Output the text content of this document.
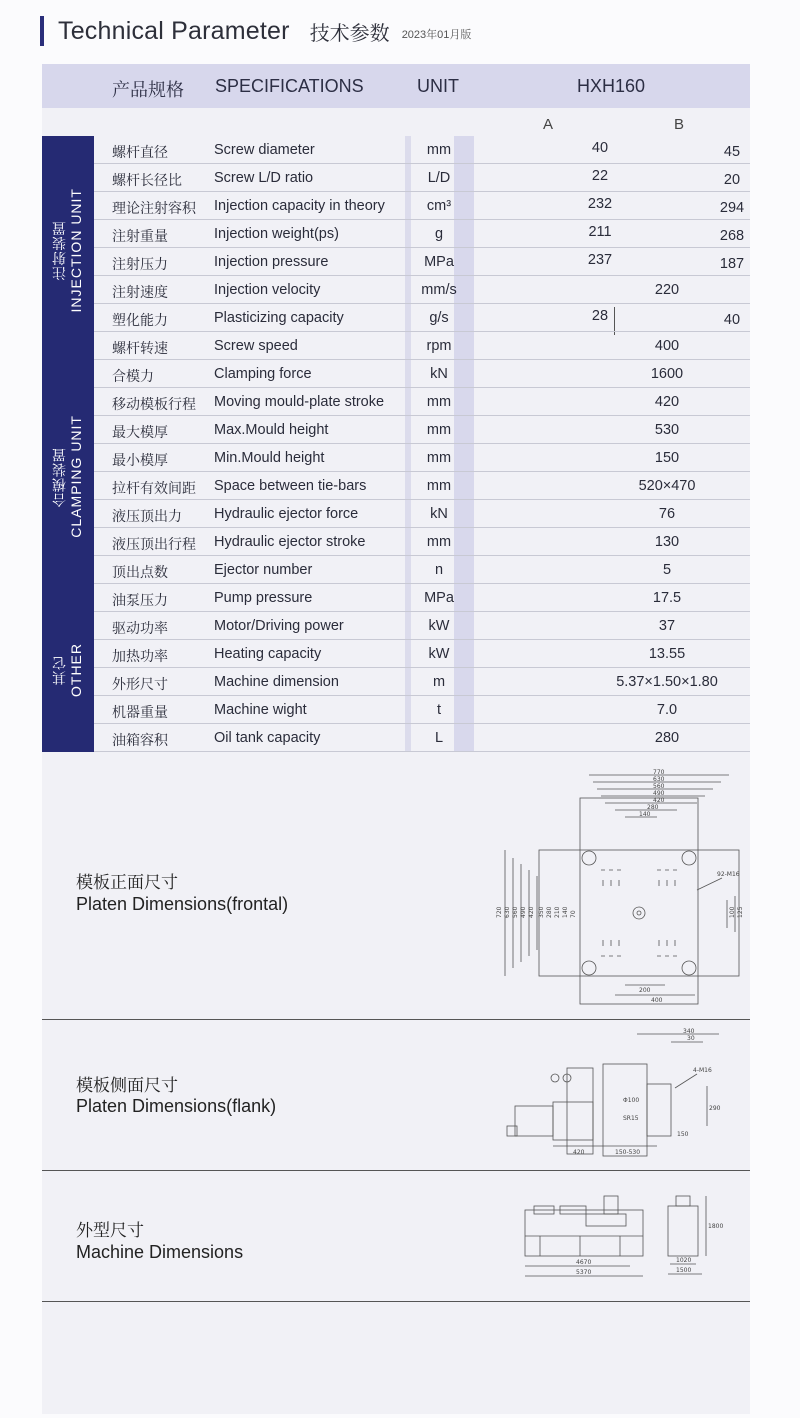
Technical Parameter 技术参数 2023年01月版
产品规格 SPECIFICATIONS	UNIT	HXH160
A	B
注射装置
INJECTION UNIT
合模装置
CLAMPING UNIT
其它
OTHER
螺杆直径	Screw diameter	mm	40	45
螺杆长径比 Screw L/D ratio	L/D	22	20
理论注射容积 Injection capacity in theory	cm³	232	294
注射重量	Injection weight(ps)	g	211	268
注射压力	Injection pressure	MPa	237	187
注射速度	Injection velocity	mm/s	220
塑化能力	Plasticizing capacity	g/s	28	40
螺杆转速	Screw speed	rpm	400
合模力	Clamping force	kN	1600
移动模板行程 Moving mould-plate stroke	mm	420
最大模厚	Max.Mould height	mm	530
最小模厚	Min.Mould height	mm	150
拉杆有效间距 Space between tie-bars	mm	520×470
液压顶出力 Hydraulic ejector force	kN	76
液压顶出行程 Hydraulic ejector stroke	mm	130
顶出点数	Ejector number	n	5
油泵压力	Pump pressure	MPa	17.5
驱动功率	Motor/Driving power	kW	37
加热功率	Heating capacity	kW	13.55
外形尺寸	Machine dimension	m	5.37×1.50×1.80
机器重量	Machine wight	t	7.0
油箱容积	Oil tank capacity	L	280
模板正面尺寸
Platen Dimensions(frontal)
770
630
560
490
420
280
140
720 630 560 490 420 350 280 210 140 70
200
400
92-M16
100 125
模板侧面尺寸
Platen Dimensions(flank)
340
30
4-M16
290
SR15
150
Φ100
420	150-530
外型尺寸
Machine Dimensions
4670
5370
1800
1020
1500
